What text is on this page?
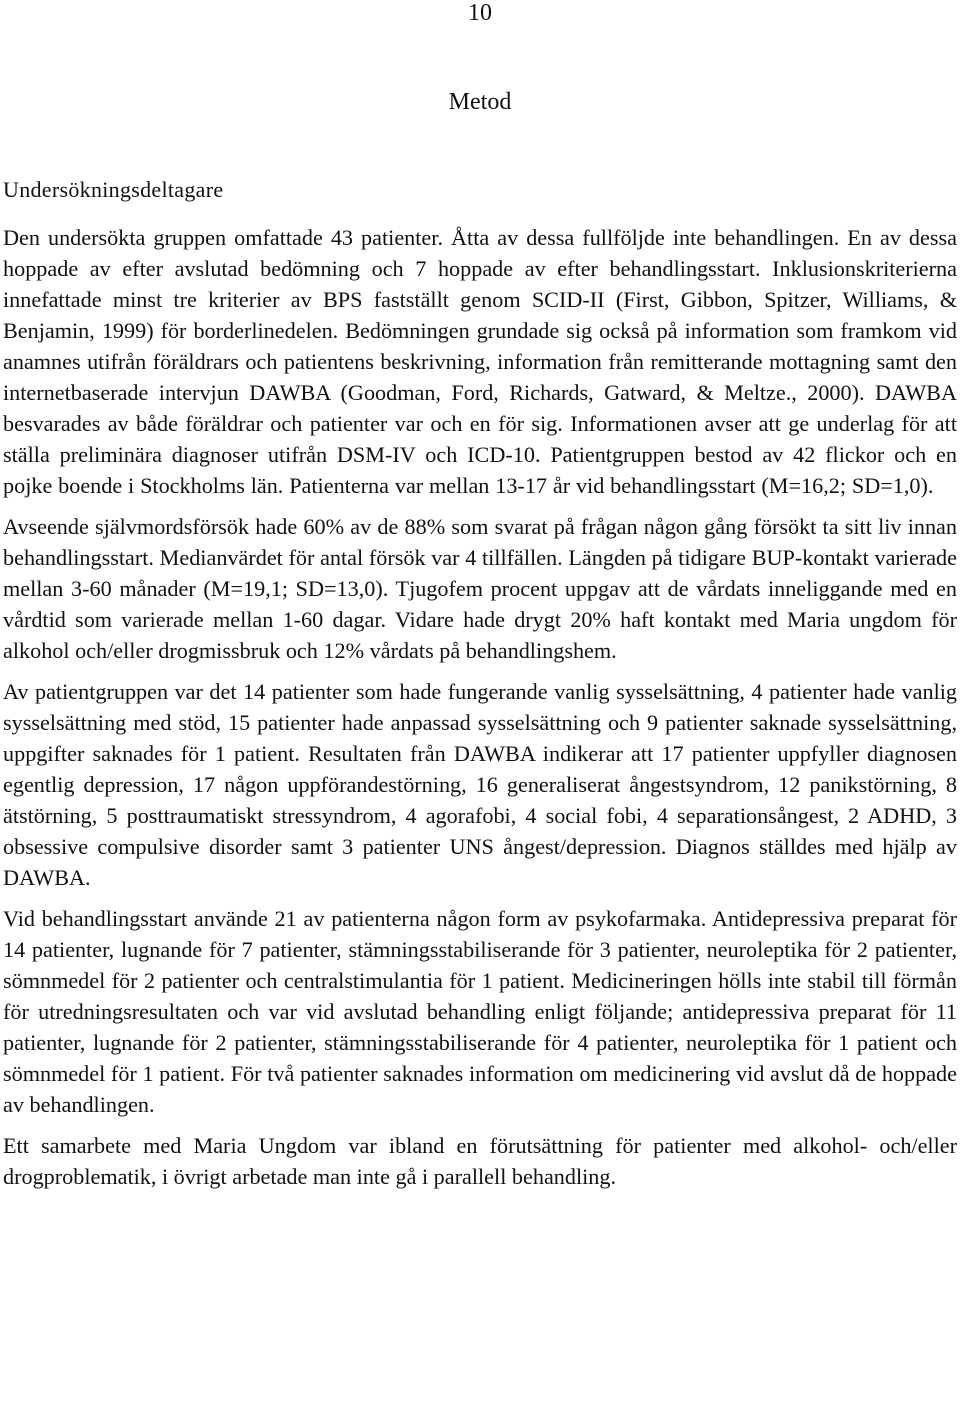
10
Metod
Undersökningsdeltagare

Den undersökta gruppen omfattade 43 patienter. Åtta av dessa fullföljde inte behandlingen. En av dessa hoppade av efter avslutad bedömning och 7 hoppade av efter behandlingsstart. Inklusionskriterierna innefattade minst tre kriterier av BPS fastställt genom SCID-II (First, Gibbon, Spitzer, Williams, & Benjamin, 1999) för borderlinedelen. Bedömningen grundade sig också på information som framkom vid anamnes utifrån föräldrars och patientens beskrivning, information från remitterande mottagning samt den internetbaserade intervjun DAWBA (Goodman, Ford, Richards, Gatward, & Meltze., 2000). DAWBA besvarades av både föräldrar och patienter var och en för sig. Informationen avser att ge underlag för att ställa preliminära diagnoser utifrån DSM-IV och ICD-10. Patientgruppen bestod av 42 flickor och en pojke boende i Stockholms län. Patienterna var mellan 13-17 år vid behandlingsstart (M=16,2; SD=1,0).

Avseende självmordsförsök hade 60% av de 88% som svarat på frågan någon gång försökt ta sitt liv innan behandlingsstart. Medianvärdet för antal försök var 4 tillfällen. Längden på tidigare BUP-kontakt varierade mellan 3-60 månader (M=19,1; SD=13,0). Tjugofem procent uppgav att de vårdats inneliggande med en vårdtid som varierade mellan 1-60 dagar. Vidare hade drygt 20% haft kontakt med Maria ungdom för alkohol och/eller drogmissbruk och 12% vårdats på behandlingshem.

Av patientgruppen var det 14 patienter som hade fungerande vanlig sysselsättning, 4 patienter hade vanlig sysselsättning med stöd, 15 patienter hade anpassad sysselsättning och 9 patienter saknade sysselsättning, uppgifter saknades för 1 patient. Resultaten från DAWBA indikerar att 17 patienter uppfyller diagnosen egentlig depression, 17 någon uppförandestörning, 16 generaliserat ångestsyndrom, 12 panikstörning, 8 ätstörning, 5 posttraumatiskt stressyndrom, 4 agorafobi, 4 social fobi, 4 separationsångest, 2 ADHD, 3 obsessive compulsive disorder samt 3 patienter UNS ångest/depression. Diagnos ställdes med hjälp av DAWBA.

Vid behandlingsstart använde 21 av patienterna någon form av psykofarmaka. Antidepressiva preparat för 14 patienter, lugnande för 7 patienter, stämningsstabiliserande för 3 patienter, neuroleptika för 2 patienter, sömnmedel för 2 patienter och centralstimulantia för 1 patient. Medicineringen hölls inte stabil till förmån för utredningsresultaten och var vid avslutad behandling enligt följande; antidepressiva preparat för 11 patienter, lugnande för 2 patienter, stämningsstabiliserande för 4 patienter, neuroleptika för 1 patient och sömnmedel för 1 patient. För två patienter saknades information om medicinering vid avslut då de hoppade av behandlingen.

Ett samarbete med Maria Ungdom var ibland en förutsättning för patienter med alkohol- och/eller drogproblematik, i övrigt arbetade man inte gå i parallell behandling.
